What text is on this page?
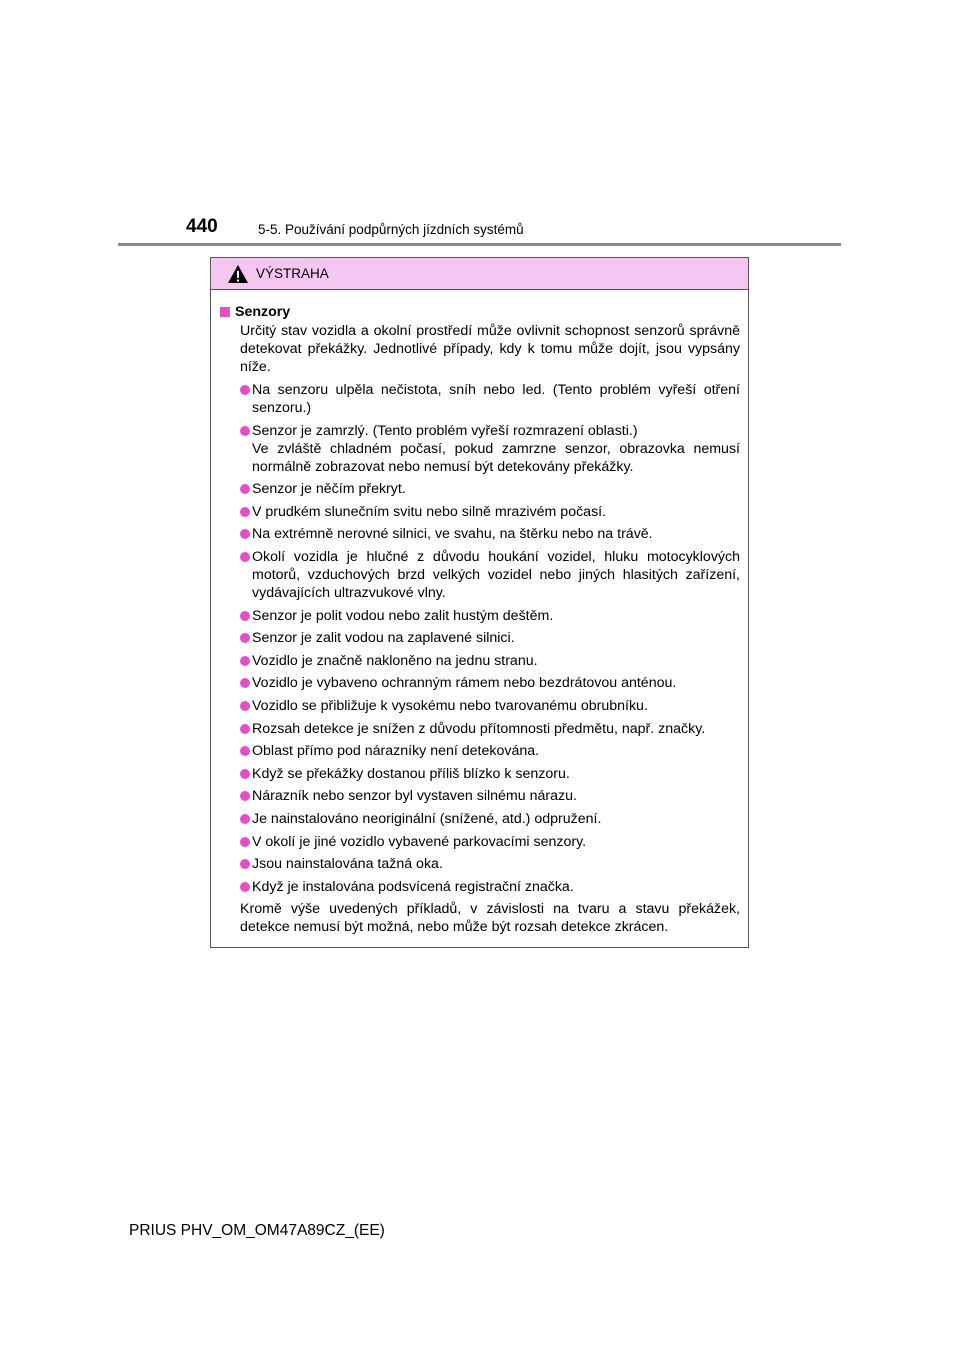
440	5-5. Používání podpůrných jízdních systémů
VÝSTRAHA
Senzory
Určitý stav vozidla a okolní prostředí může ovlivnit schopnost senzorů správně detekovat překážky. Jednotlivé případy, kdy k tomu může dojít, jsou vypsány níže.
Na senzoru ulpěla nečistota, sníh nebo led. (Tento problém vyřeší otření senzoru.)
Senzor je zamrzlý. (Tento problém vyřeší rozmrazení oblasti.)
Ve zvláště chladném počasí, pokud zamrzne senzor, obrazovka nemusí normálně zobrazovat nebo nemusí být detekovány překážky.
Senzor je něčím překryt.
V prudkém slunečním svitu nebo silně mrazivém počasí.
Na extrémně nerovné silnici, ve svahu, na štěrku nebo na trávě.
Okolí vozidla je hlučné z důvodu houkání vozidel, hluku motocyklových motorů, vzduchových brzd velkých vozidel nebo jiných hlasitých zařízení, vydávajících ultrazvukové vlny.
Senzor je polit vodou nebo zalit hustým deštěm.
Senzor je zalit vodou na zaplavené silnici.
Vozidlo je značně nakloněno na jednu stranu.
Vozidlo je vybaveno ochranným rámem nebo bezdrátovou anténou.
Vozidlo se přibližuje k vysokému nebo tvarovanému obrubníku.
Rozsah detekce je snížen z důvodu přítomnosti předmětu, např. značky.
Oblast přímo pod nárazníky není detekována.
Když se překážky dostanou příliš blízko k senzoru.
Nárazník nebo senzor byl vystaven silnému nárazu.
Je nainstalováno neoriginální (snížené, atd.) odpružení.
V okolí je jiné vozidlo vybavené parkovacími senzory.
Jsou nainstalována tažná oka.
Když je instalována podsvícená registrační značka.
Kromě výše uvedených příkladů, v závislosti na tvaru a stavu překážek, detekce nemusí být možná, nebo může být rozsah detekce zkrácen.
PRIUS PHV_OM_OM47A89CZ_(EE)
